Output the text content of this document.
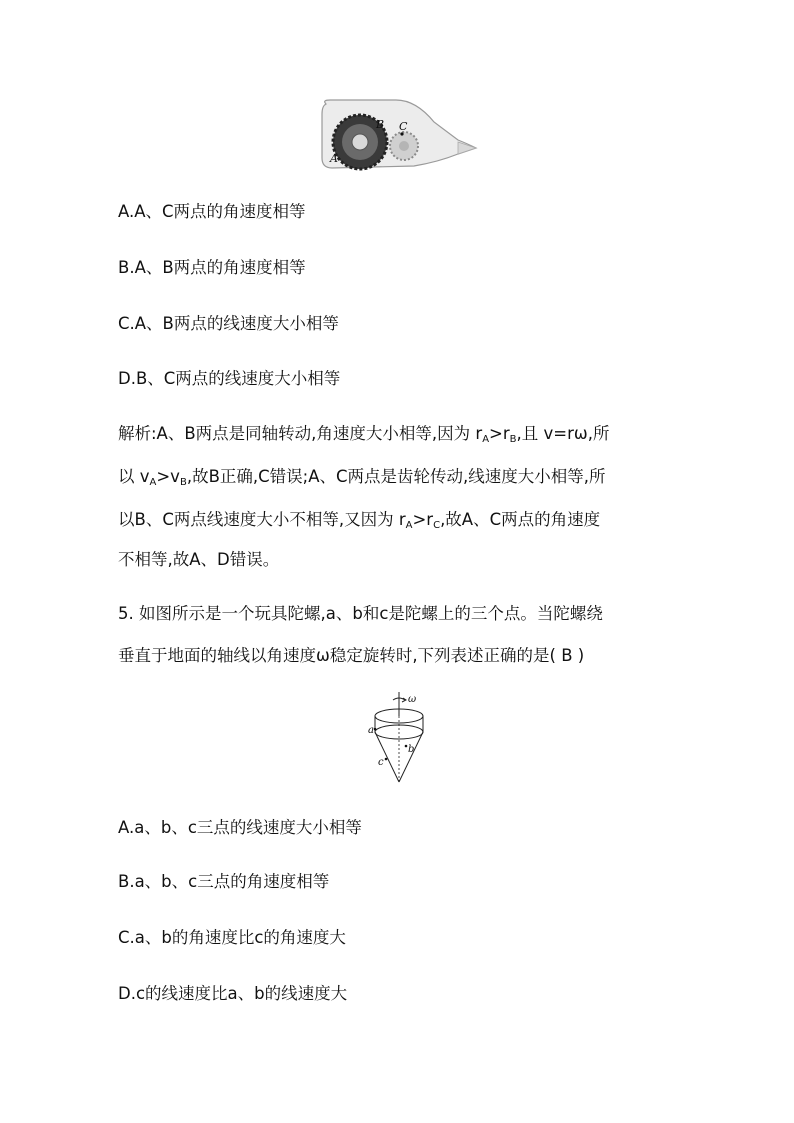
A
B C
A.A、C两点的角速度相等
B.A、B两点的角速度相等
C.A、B两点的线速度大小相等
D.B、C两点的线速度大小相等
解析:A、B两点是同轴转动,角速度大小相等,因为 $r_A>r_B$,且 v=rω,所
以 $v_A>v_B$,故B正确,C错误;A、C两点是齿轮传动,线速度大小相等,所
以B、C两点线速度大小不相等,又因为 $r_A>r_C$,故A、C两点的角速度
不相等,故A、D错误。
5. 如图所示是一个玩具陀螺,a、b和c是陀螺上的三个点。当陀螺绕
垂直于地面的轴线以角速度ω稳定旋转时,下列表述正确的是( B )
ω
a
b
c
A.a、b、c三点的线速度大小相等
B.a、b、c三点的角速度相等
C.a、b的角速度比c的角速度大
D.c的线速度比a、b的线速度大
